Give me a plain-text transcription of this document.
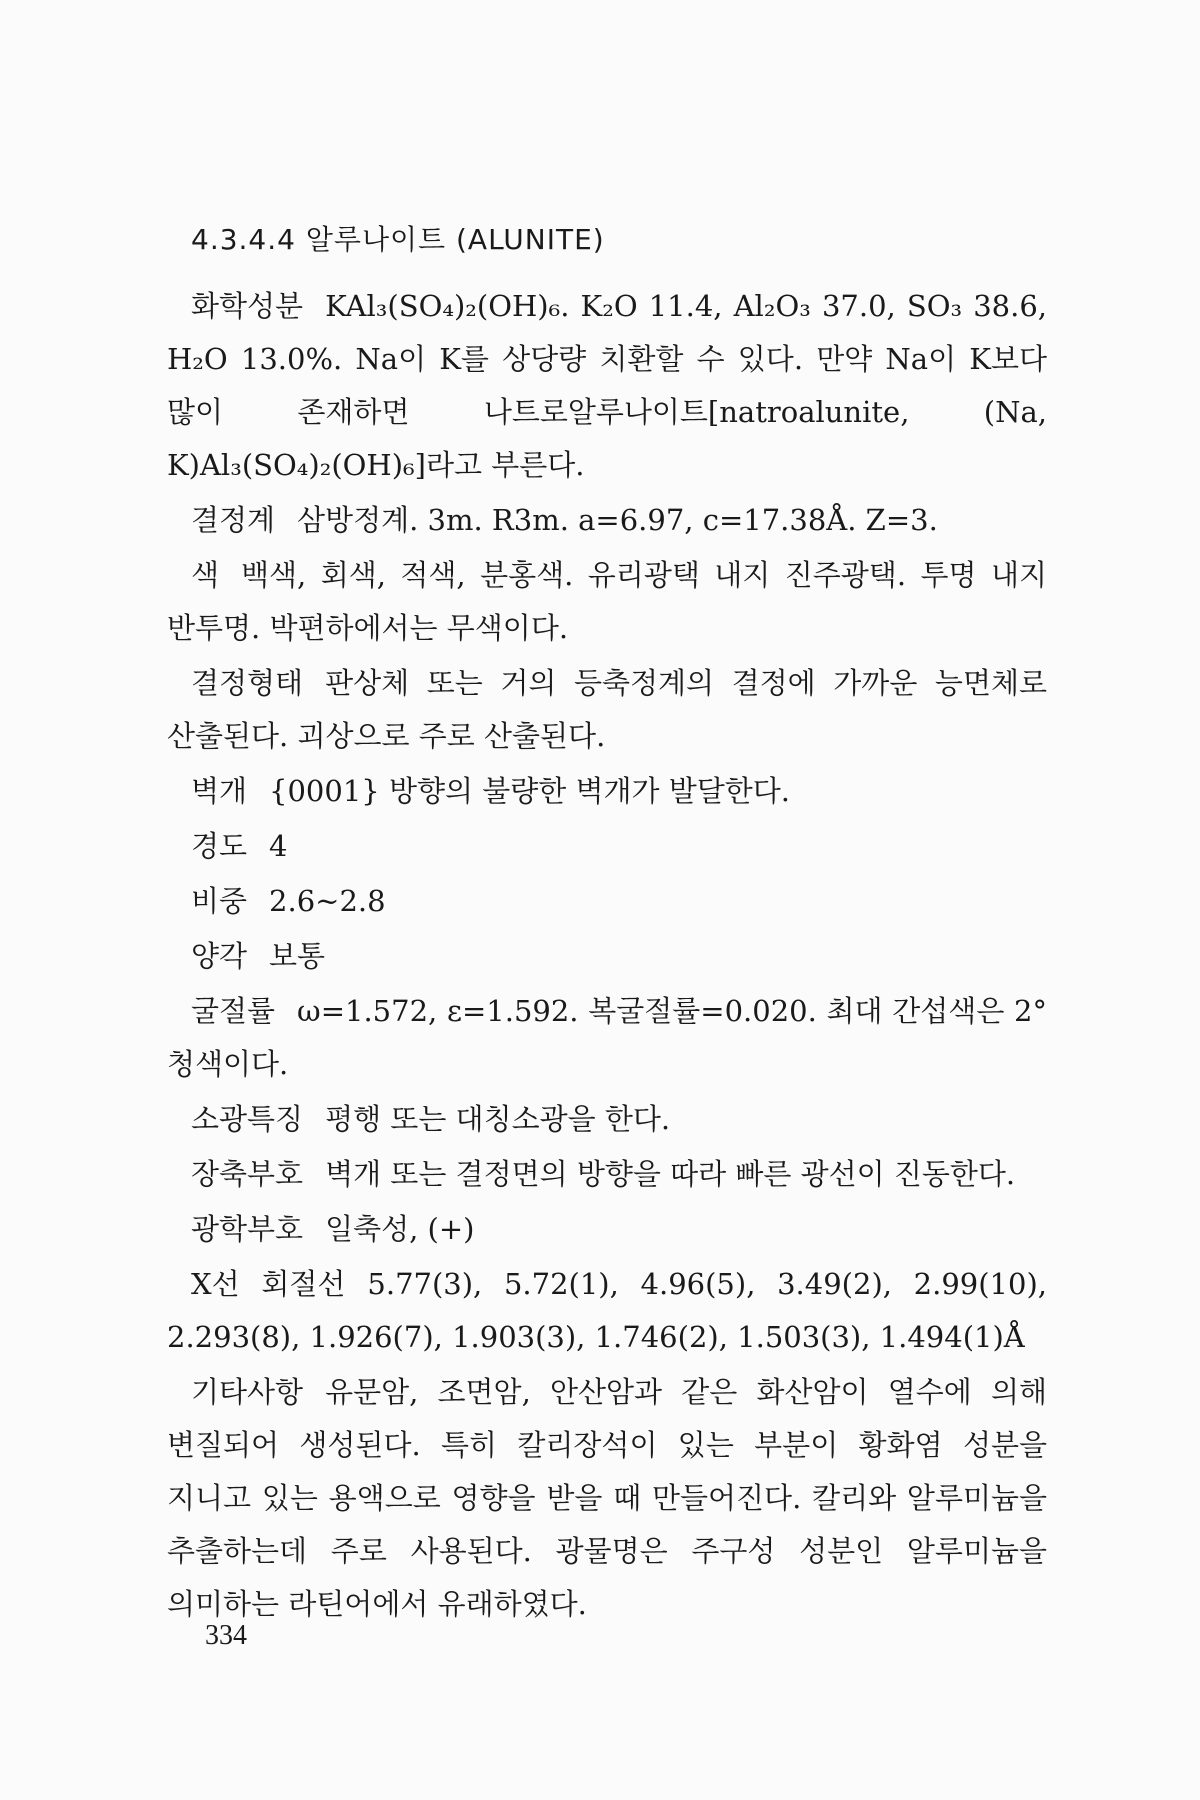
4.3.4.4 알루나이트 (ALUNITE)

화학성분 KAl₃(SO₄)₂(OH)₆. K₂O 11.4, Al₂O₃ 37.0, SO₃ 38.6, H₂O 13.0%. Na이 K를 상당량 치환할 수 있다. 만약 Na이 K보다 많이 존재하면 나트로알루나이트[natroalunite, (Na, K)Al₃(SO₄)₂(OH)₆]라고 부른다.

결정계 삼방정계. 3m. R3m. a=6.97, c=17.38Å. Z=3.

색 백색, 회색, 적색, 분홍색. 유리광택 내지 진주광택. 투명 내지 반투명. 박편하에서는 무색이다.

결정형태 판상체 또는 거의 등축정계의 결정에 가까운 능면체로 산출된다. 괴상으로 주로 산출된다.

벽개 {0001} 방향의 불량한 벽개가 발달한다.

경도 4

비중 2.6~2.8

양각 보통

굴절률 ω=1.572, ε=1.592. 복굴절률=0.020. 최대 간섭색은 2° 청색이다.

소광특징 평행 또는 대칭소광을 한다.

장축부호 벽개 또는 결정면의 방향을 따라 빠른 광선이 진동한다.

광학부호 일축성, (+)

X선 회절선 5.77(3), 5.72(1), 4.96(5), 3.49(2), 2.99(10), 2.293(8), 1.926(7), 1.903(3), 1.746(2), 1.503(3), 1.494(1)Å

기타사항 유문암, 조면암, 안산암과 같은 화산암이 열수에 의해 변질되어 생성된다. 특히 칼리장석이 있는 부분이 황화염 성분을 지니고 있는 용액으로 영향을 받을 때 만들어진다. 칼리와 알루미늄을 추출하는데 주로 사용된다. 광물명은 주구성 성분인 알루미늄을 의미하는 라틴어에서 유래하였다.

334
